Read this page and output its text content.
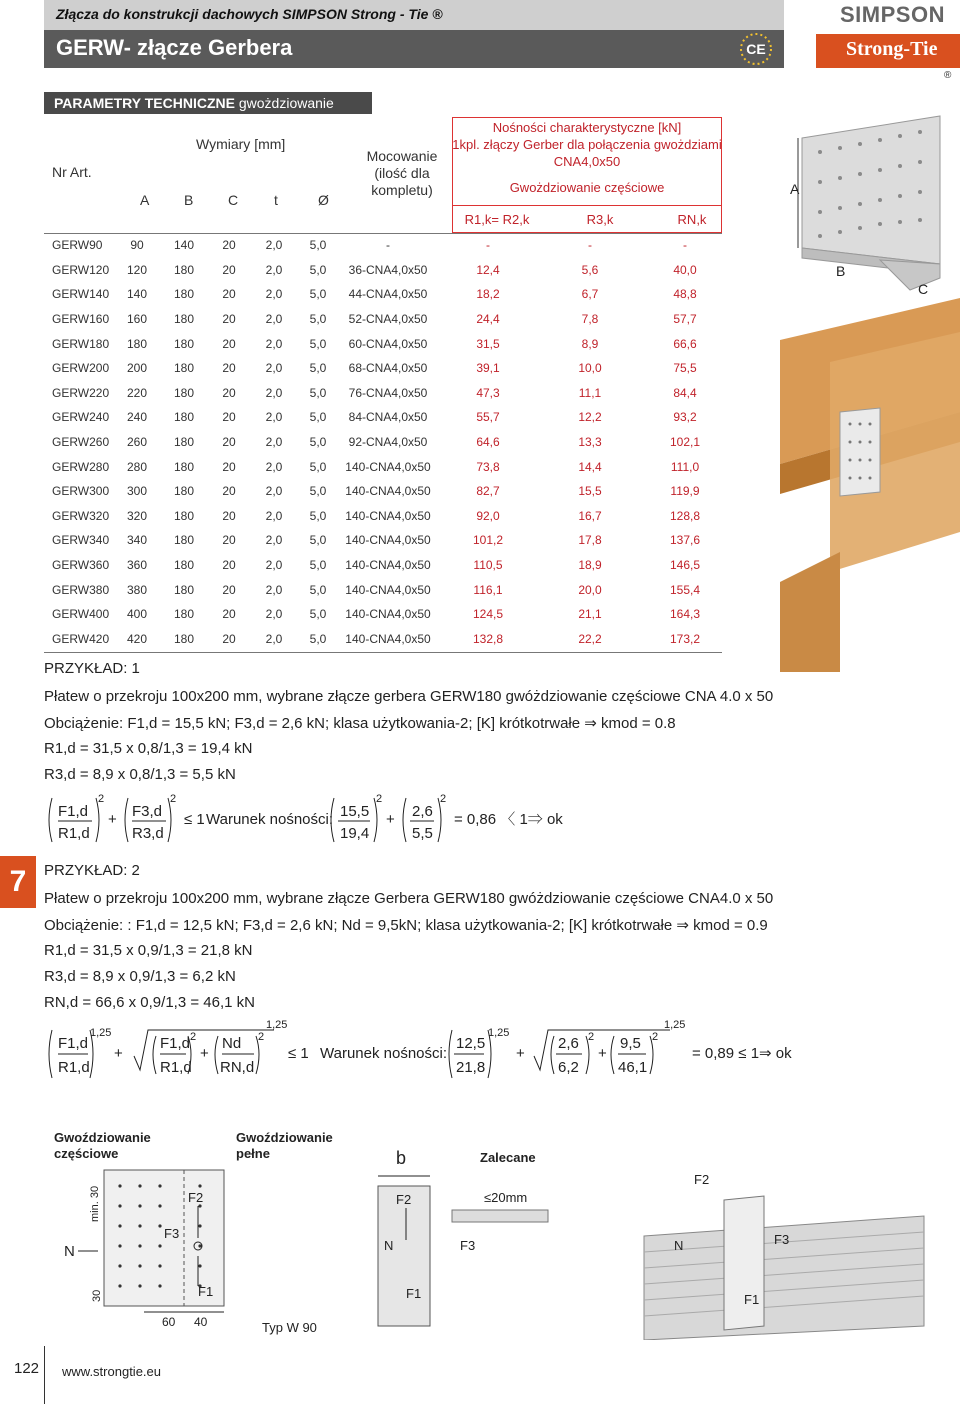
Złącza do konstrukcji dachowych SIMPSON Strong - Tie ®
GERW- złącze Gerbera	CE
SIMPSON
Strong-Tie
®
PARAMETRY TECHNICZNE gwożdziowanie częściowe
Nr Art.
Wymiary [mm]
A B C	t	Ø
Mocowanie
(ilość dla
kompletu)
Nośności charakterystyczne [kN]
1kpl. złączy Gerber dla połączenia gwożdziami
CNA4,0x50
Gwożdziowanie częściowe
R1,k= R2,k	R3,k	RN,k
GERW90	90	140	20	2,0	5,0	-	-	-	-
GERW120	120	180	20	2,0	5,0	36-CNA4,0x50	12,4	5,6	40,0
GERW140	140	180	20	2,0	5,0	44-CNA4,0x50	18,2	6,7	48,8
GERW160	160	180	20	2,0	5,0	52-CNA4,0x50	24,4	7,8	57,7
GERW180	180	180	20	2,0	5,0	60-CNA4,0x50	31,5	8,9	66,6
GERW200	200	180	20	2,0	5,0	68-CNA4,0x50	39,1	10,0	75,5
GERW220	220	180	20	2,0	5,0	76-CNA4,0x50	47,3	11,1	84,4
GERW240	240	180	20	2,0	5,0	84-CNA4,0x50	55,7	12,2	93,2
GERW260	260	180	20	2,0	5,0	92-CNA4,0x50	64,6	13,3	102,1
GERW280	280	180	20	2,0	5,0	140-CNA4,0x50	73,8	14,4	111,0
GERW300	300	180	20	2,0	5,0	140-CNA4,0x50	82,7	15,5	119,9
GERW320	320	180	20	2,0	5,0	140-CNA4,0x50	92,0	16,7	128,8
GERW340	340	180	20	2,0	5,0	140-CNA4,0x50	101,2	17,8	137,6
GERW360	360	180	20	2,0	5,0	140-CNA4,0x50	110,5	18,9	146,5
GERW380	380	180	20	2,0	5,0	140-CNA4,0x50	116,1	20,0	155,4
GERW400	400	180	20	2,0	5,0	140-CNA4,0x50	124,5	21,1	164,3
GERW420	420	180	20	2,0	5,0	140-CNA4,0x50	132,8	22,2	173,2
A
B
C
PRZYKŁAD: 1
Płatew o przekroju 100x200 mm, wybrane złącze gerbera GERW180 gwóżdziowanie częściowe CNA 4.0 x 50
Obciążenie: F1,d = 15,5 kN; F3,d = 2,6 kN; klasa użytkowania-2; [K] krótkotrwałe ⇒ kmod = 0.8
R1,d = 31,5 x 0,8/1,3 = 19,4 kN
R3,d = 8,9 x 0,8/1,3 = 5,5 kN
F1,d
R1,d
2
+ F3,d
R3,d
2
≤ 1 Warunek nośności: 15,5
19,4
2
+ 2,6
5,5
2
= 0,86 〈 1⇒ ok
7	PRZYKŁAD: 2
Płatew o przekroju 100x200 mm, wybrane złącze Gerbera GERW180 gwóżdziowanie częściowe CNA4.0 x 50
Obciążenie: : F1,d = 12,5 kN; F3,d = 2,6 kN; Nd = 9,5kN; klasa użytkowania-2; [K] krótkotrwałe ⇒ kmod = 0.9
R1,d = 31,5 x 0,9/1,3 = 21,8 kN
R3,d = 8,9 x 0,9/1,3 = 6,2 kN
RN,d = 66,6 x 0,9/1,3 = 46,1 kN
F1,d
R1,d
1,25
+
F1,d
R1,d
2
+
Nd
RN,d
2
1,25
≤ 1 Warunek nośności:
12,5
21,8
1,25
+
2,6
6,2
2
+
9,5
46,1
2
1,25
= 0,89 ≤ 1⇒ ok
Gwoździowanie
częściowe
Gwoździowanie
pełne
min. 30
30
N
F2
F3
F1
60 40	Typ W 90
b
F2
N	F3
F1
Zalecane
≤20mm
F2
N	F3
F1
122 www.strongtie.eu
